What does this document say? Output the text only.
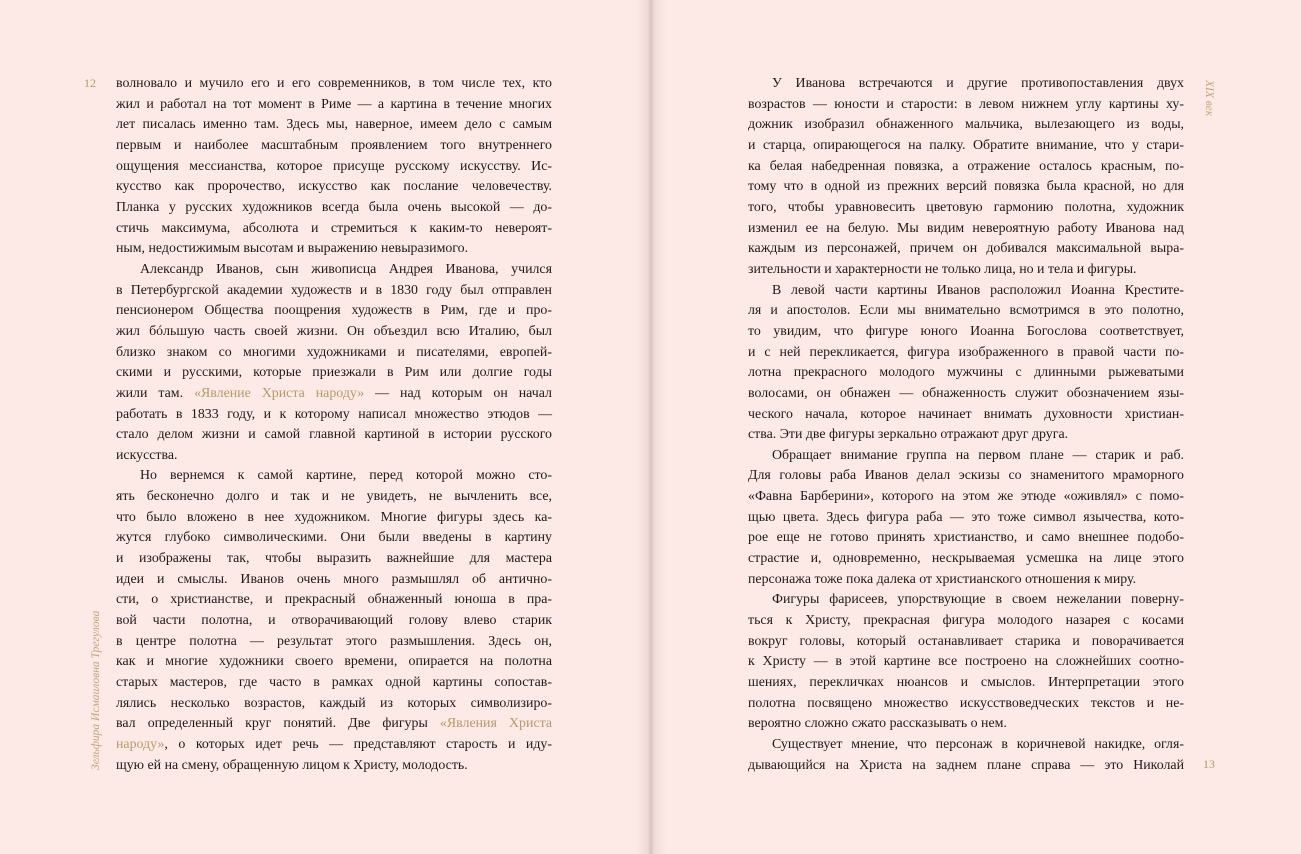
12
Зельфира Исмаиловна Трегулова	13
XIX век
волновало и мучило его и его современников, в том числе тех, кто
жил и работал на тот момент в Риме — а картина в течение многих
лет писалась именно там. Здесь мы, наверное, имеем дело с самым
первым и наиболее масштабным проявлением того внутреннего
ощущения мессианства, которое присуще русскому искусству. Ис-
кусство как пророчество, искусство как послание человечеству.
Планка у русских художников всегда была очень высокой — до-
стичь максимума, абсолюта и стремиться к каким-то невероят-
ным, недостижимым высотам и выражению невыразимого.
Александр Иванов, сын живописца Андрея Иванова, учился
в Петербургской академии художеств и в 1830 году был отправлен
пенсионером Общества поощрения художеств в Рим, где и про-
жил бóльшую часть своей жизни. Он объездил всю Италию, был
близко знаком со многими художниками и писателями, европей-
скими и русскими, которые приезжали в Рим или долгие годы
жили там. «Явление Христа народу» — над которым он начал
работать в 1833 году, и к которому написал множество этюдов —
стало делом жизни и самой главной картиной в истории русского
искусства.
Но вернемся к самой картине, перед которой можно сто-
ять бесконечно долго и так и не увидеть, не вычленить все,
что было вложено в нее художником. Многие фигуры здесь ка-
жутся глубоко символическими. Они были введены в картину
и изображены так, чтобы выразить важнейшие для мастера
идеи и смыслы. Иванов очень много размышлял об антично-
сти, о христианстве, и прекрасный обнаженный юноша в пра-
вой части полотна, и отворачивающий голову влево старик
в центре полотна — результат этого размышления. Здесь он,
как и многие художники своего времени, опирается на полотна
старых мастеров, где часто в рамках одной картины сопостав-
лялись несколько возрастов, каждый из которых символизиро-
вал определенный круг понятий. Две фигуры «Явления Христа
народу», о которых идет речь — представляют старость и иду-
щую ей на смену, обращенную лицом к Христу, молодость.
У Иванова встречаются и другие противопоставления двух
возрастов — юности и старости: в левом нижнем углу картины ху-
дожник изобразил обнаженного мальчика, вылезающего из воды,
и старца, опирающегося на палку. Обратите внимание, что у стари-
ка белая набедренная повязка, а отражение осталось красным, по-
тому что в одной из прежних версий повязка была красной, но для
того, чтобы уравновесить цветовую гармонию полотна, художник
изменил ее на белую. Мы видим невероятную работу Иванова над
каждым из персонажей, причем он добивался максимальной выра-
зительности и характерности не только лица, но и тела и фигуры.
В левой части картины Иванов расположил Иоанна Крестите-
ля и апостолов. Если мы внимательно всмотримся в это полотно,
то увидим, что фигуре юного Иоанна Богослова соответствует,
и с ней перекликается, фигура изображенного в правой части по-
лотна прекрасного молодого мужчины с длинными рыжеватыми
волосами, он обнажен — обнаженность служит обозначением язы-
ческого начала, которое начинает внимать духовности христиан-
ства. Эти две фигуры зеркально отражают друг друга.
Обращает внимание группа на первом плане — старик и раб.
Для головы раба Иванов делал эскизы со знаменитого мраморного
«Фавна Барберини», которого на этом же этюде «оживлял» с помо-
щью цвета. Здесь фигура раба — это тоже символ язычества, кото-
рое еще не готово принять христианство, и само внешнее подобо-
страстие и, одновременно, нескрываемая усмешка на лице этого
персонажа тоже пока далека от христианского отношения к миру.
Фигуры фарисеев, упорствующие в своем нежелании поверну-
ться к Христу, прекрасная фигура молодого назарея с косами
вокруг головы, который останавливает старика и поворачивается
к Христу — в этой картине все построено на сложнейших соотно-
шениях, перекличках нюансов и смыслов. Интерпретации этого
полотна посвящено множество искусствоведческих текстов и не-
вероятно сложно сжато рассказывать о нем.
Существует мнение, что персонаж в коричневой накидке, огля-
дывающийся на Христа на заднем плане справа — это Николай
